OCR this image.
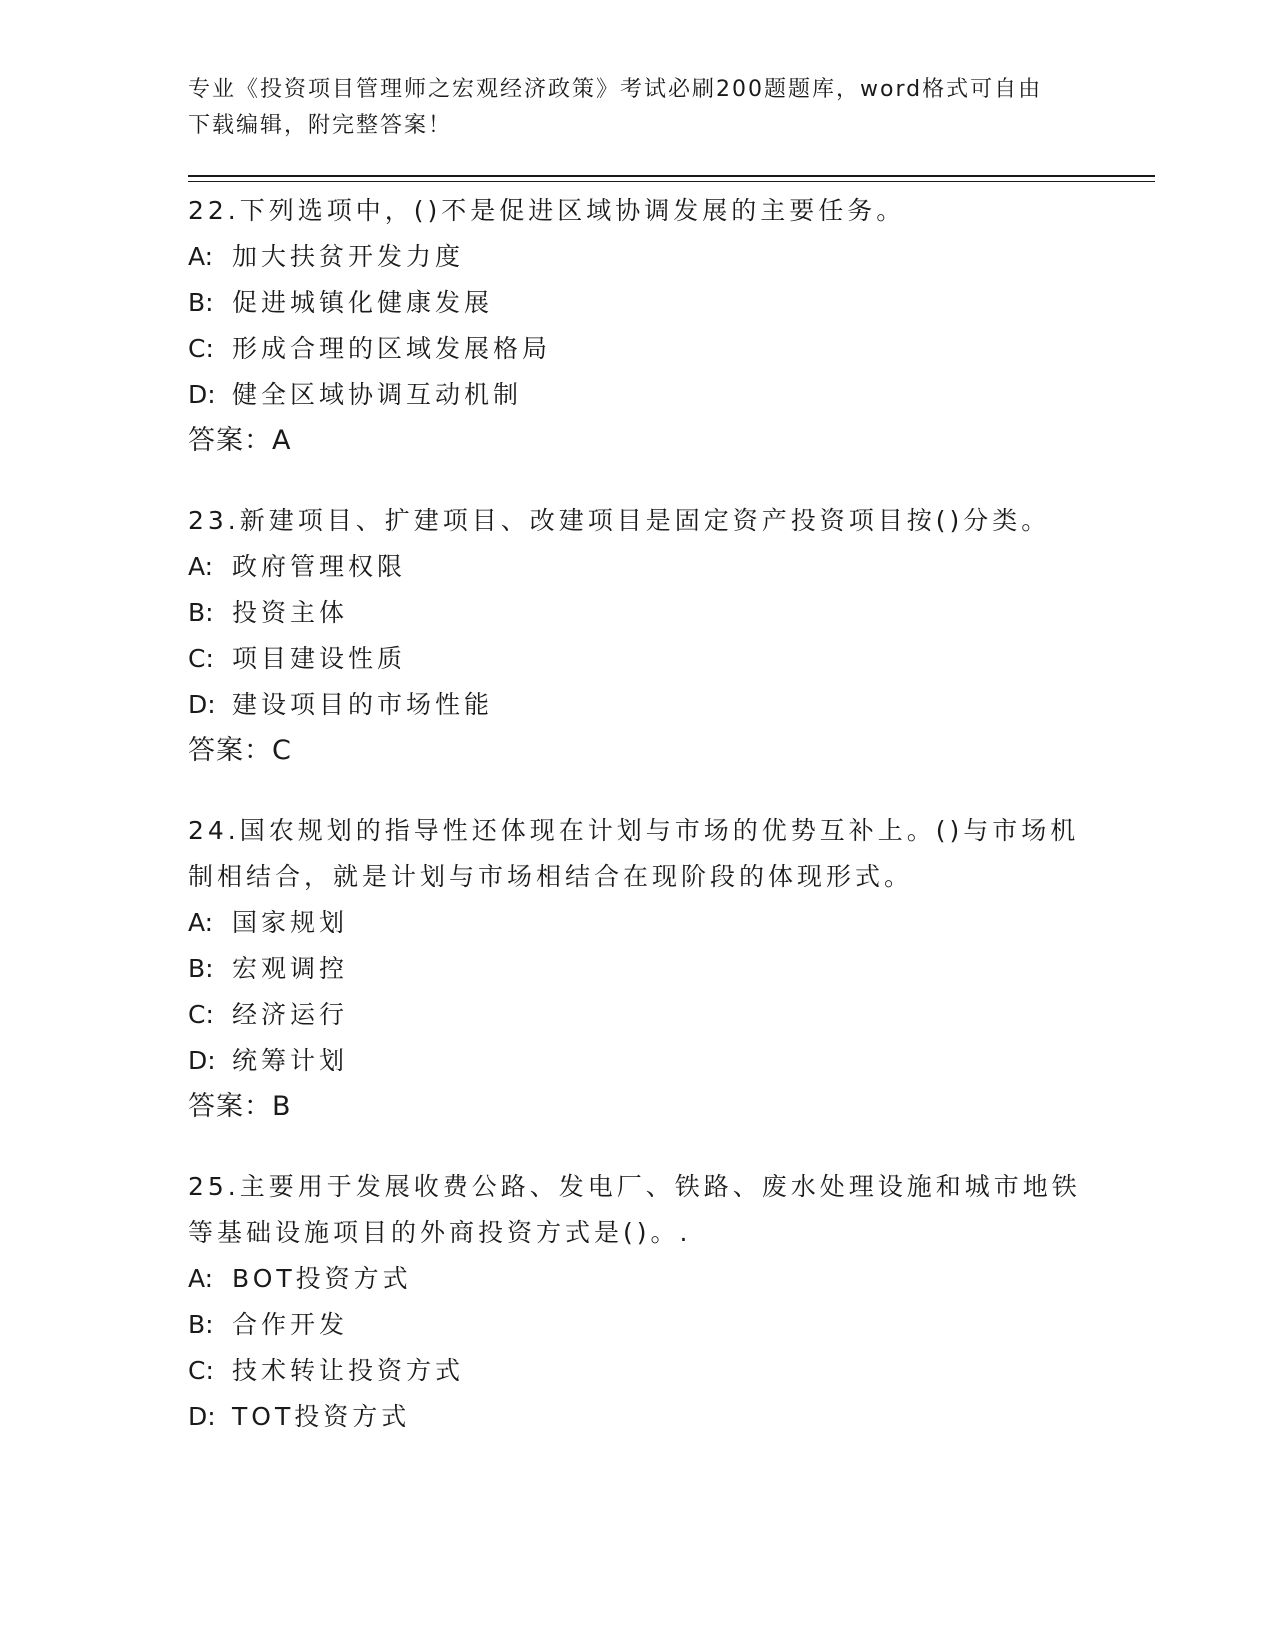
专业《投资项目管理师之宏观经济政策》考试必刷200题题库，word格式可自由
下载编辑，附完整答案！
22.下列选项中，()不是促进区域协调发展的主要任务。
A: 加大扶贫开发力度
B: 促进城镇化健康发展
C: 形成合理的区域发展格局
D: 健全区域协调互动机制
答案：A
23.新建项目、扩建项目、改建项目是固定资产投资项目按()分类。
A: 政府管理权限
B: 投资主体
C: 项目建设性质
D: 建设项目的市场性能
答案：C
24.国农规划的指导性还体现在计划与市场的优势互补上。()与市场机制相结合，就是计划与市场相结合在现阶段的体现形式。
A: 国家规划
B: 宏观调控
C: 经济运行
D: 统筹计划
答案：B
25.主要用于发展收费公路、发电厂、铁路、废水处理设施和城市地铁等基础设施项目的外商投资方式是()。.
A: BOT投资方式
B: 合作开发
C: 技术转让投资方式
D: TOT投资方式
